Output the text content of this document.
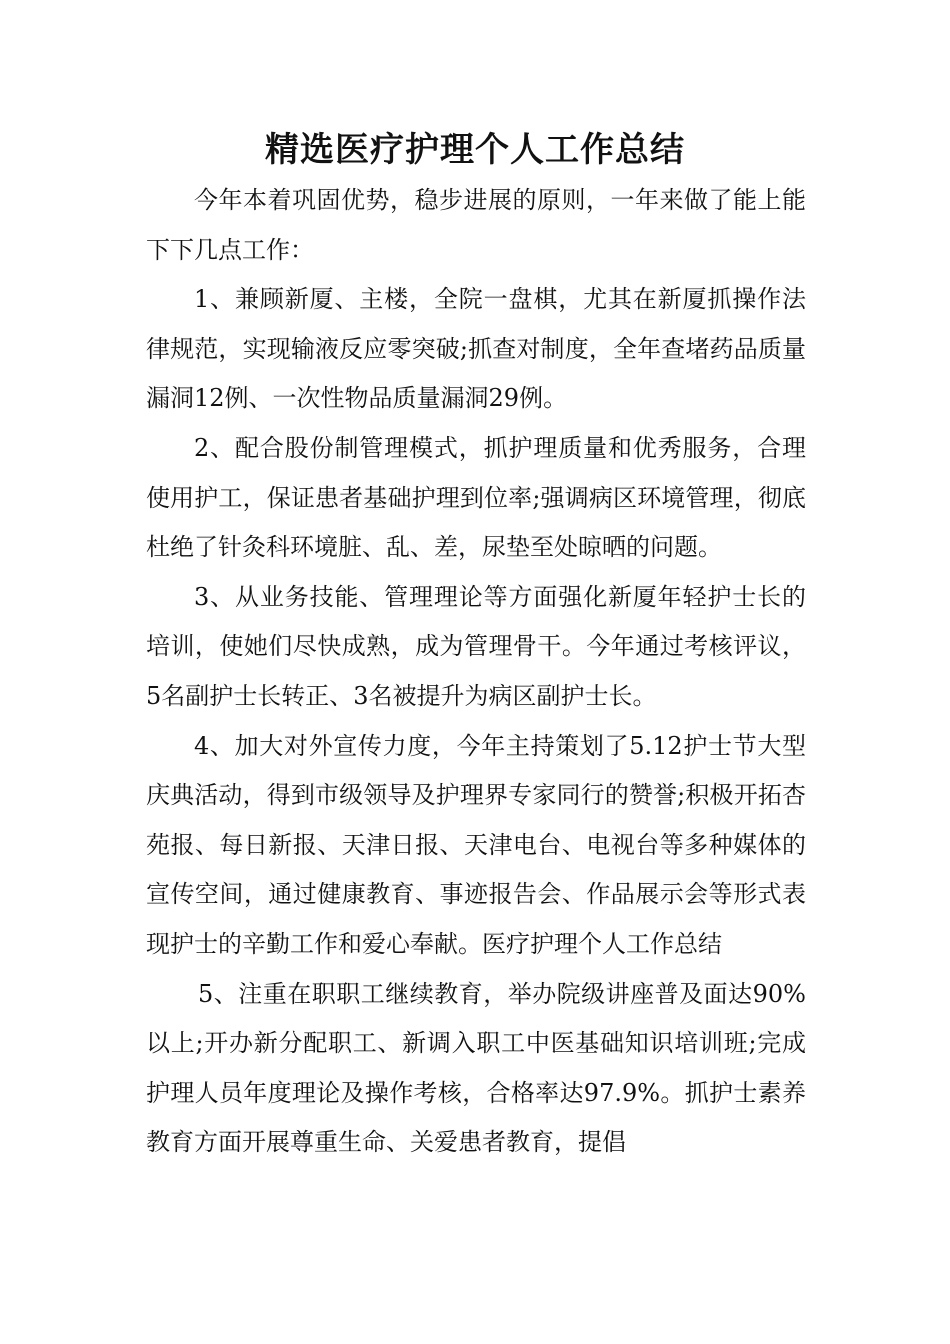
精选医疗护理个人工作总结

今年本着巩固优势，稳步进展的原则，一年来做了能上能下下几点工作：

1、兼顾新厦、主楼，全院一盘棋，尤其在新厦抓操作法律规范，实现输液反应零突破;抓查对制度，全年查堵药品质量漏洞12例、一次性物品质量漏洞29例。

2、配合股份制管理模式，抓护理质量和优秀服务，合理使用护工，保证患者基础护理到位率;强调病区环境管理，彻底杜绝了针灸科环境脏、乱、差，尿垫至处晾晒的问题。

3、从业务技能、管理理论等方面强化新厦年轻护士长的培训，使她们尽快成熟，成为管理骨干。今年通过考核评议，5名副护士长转正、3名被提升为病区副护士长。

4、加大对外宣传力度，今年主持策划了5.12护士节大型庆典活动，得到市级领导及护理界专家同行的赞誉;积极开拓杏苑报、每日新报、天津日报、天津电台、电视台等多种媒体的宣传空间，通过健康教育、事迹报告会、作品展示会等形式表现护士的辛勤工作和爱心奉献。医疗护理个人工作总结

5、注重在职职工继续教育，举办院级讲座普及面达90%以上;开办新分配职工、新调入职工中医基础知识培训班;完成护理人员年度理论及操作考核，合格率达97.9%。抓护士素养教育方面开展尊重生命、关爱患者教育，提倡
